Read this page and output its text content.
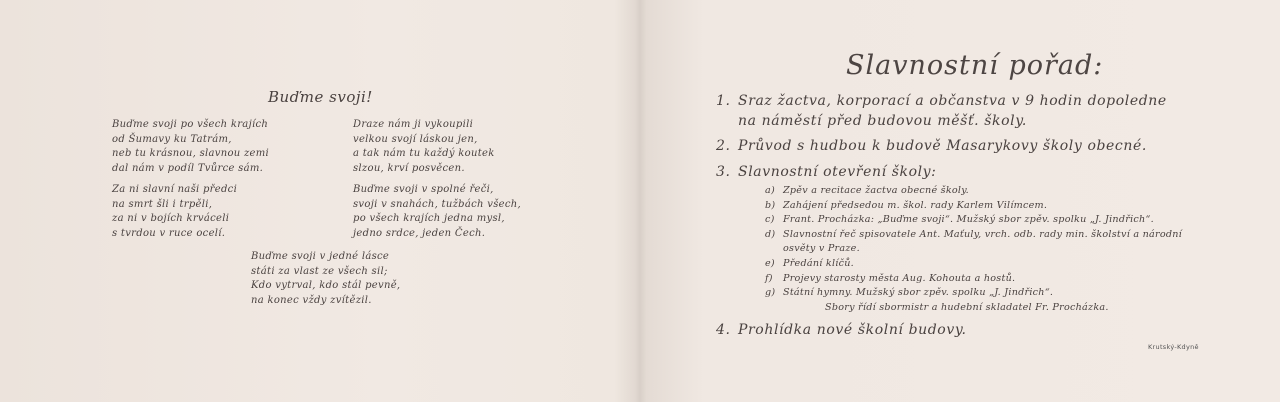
Buďme svoji!
Buďme svoji po všech krajích
od Šumavy ku Tatrám,
neb tu krásnou, slavnou zemi
dal nám v podíl Tvůrce sám.
Za ni slavní naši předci
na smrt šli i trpěli,
za ni v bojích krváceli
s tvrdou v ruce ocelí.
Draze nám ji vykoupili
velkou svojí láskou jen,
a tak nám tu každý koutek
slzou, krví posvěcen.
Buďme svoji v spolné řeči,
svoji v snahách, tužbách všech,
po všech krajích jedna mysl,
jedno srdce, jeden Čech.
Buďme svoji v jedné lásce
státi za vlast ze všech sil;
Kdo vytrval, kdo stál pevně,
na konec vždy zvítězil.
Slavnostní pořad:
1. Sraz žactva, korporací a občanstva v 9 hodin dopoledne
na náměstí před budovou měšť. školy.
2. Průvod s hudbou k budově Masarykovy školy obecné.
3. Slavnostní otevření školy:
a) Zpěv a recitace žactva obecné školy.
b) Zahájení předsedou m. škol. rady Karlem Vilímcem.
c) Frant. Procházka: „Buďme svoji“. Mužský sbor zpěv. spolku „J. Jindřich“.
d) Slavnostní řeč spisovatele Ant. Maťuly, vrch. odb. rady min. školství a národní
osvěty v Praze.
e) Předání klíčů.
f) Projevy starosty města Aug. Kohouta a hostů.
g) Státní hymny. Mužský sbor zpěv. spolku „J. Jindřich“.
Sbory řídí sbormistr a hudební skladatel Fr. Procházka.
4. Prohlídka nové školní budovy.
Krutský-Kdyně
